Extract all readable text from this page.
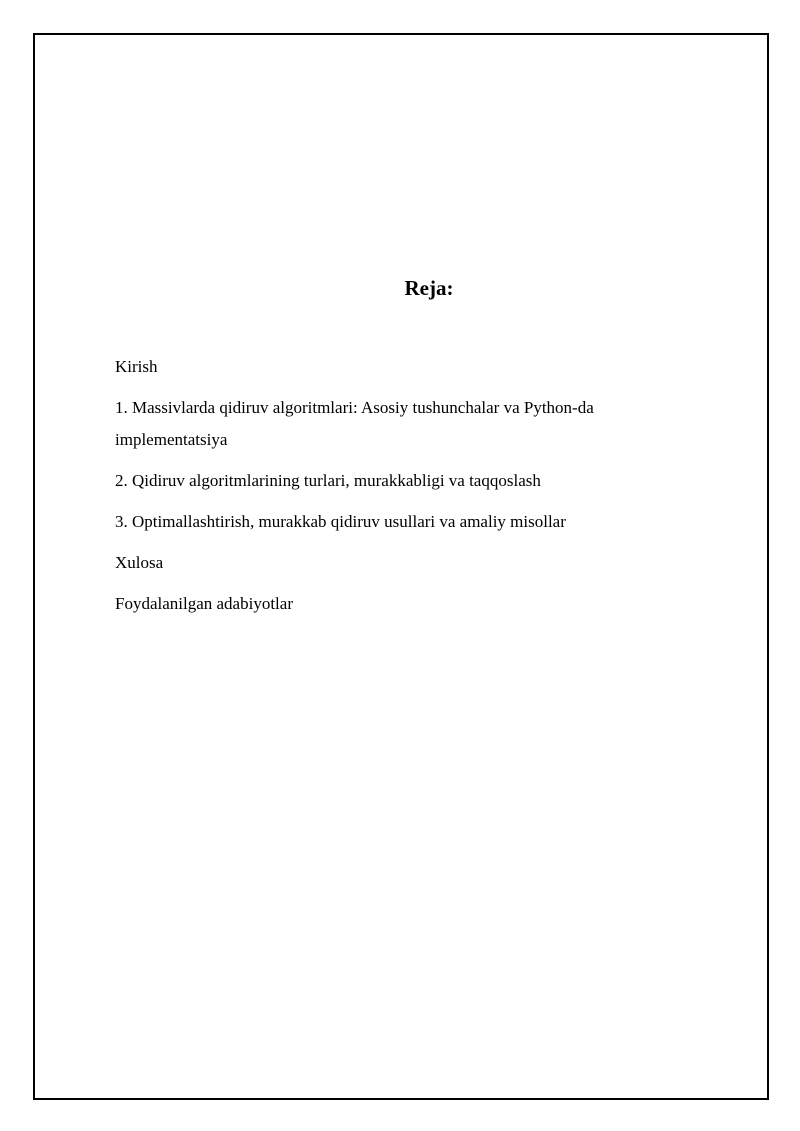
Reja:
Kirish
1. Massivlarda qidiruv algoritmlari: Asosiy tushunchalar va Python-da implementatsiya
2. Qidiruv algoritmlarining turlari, murakkabligi va taqqoslash
3. Optimallashtirish, murakkab qidiruv usullari va amaliy misollar
Xulosa
Foydalanilgan adabiyotlar
